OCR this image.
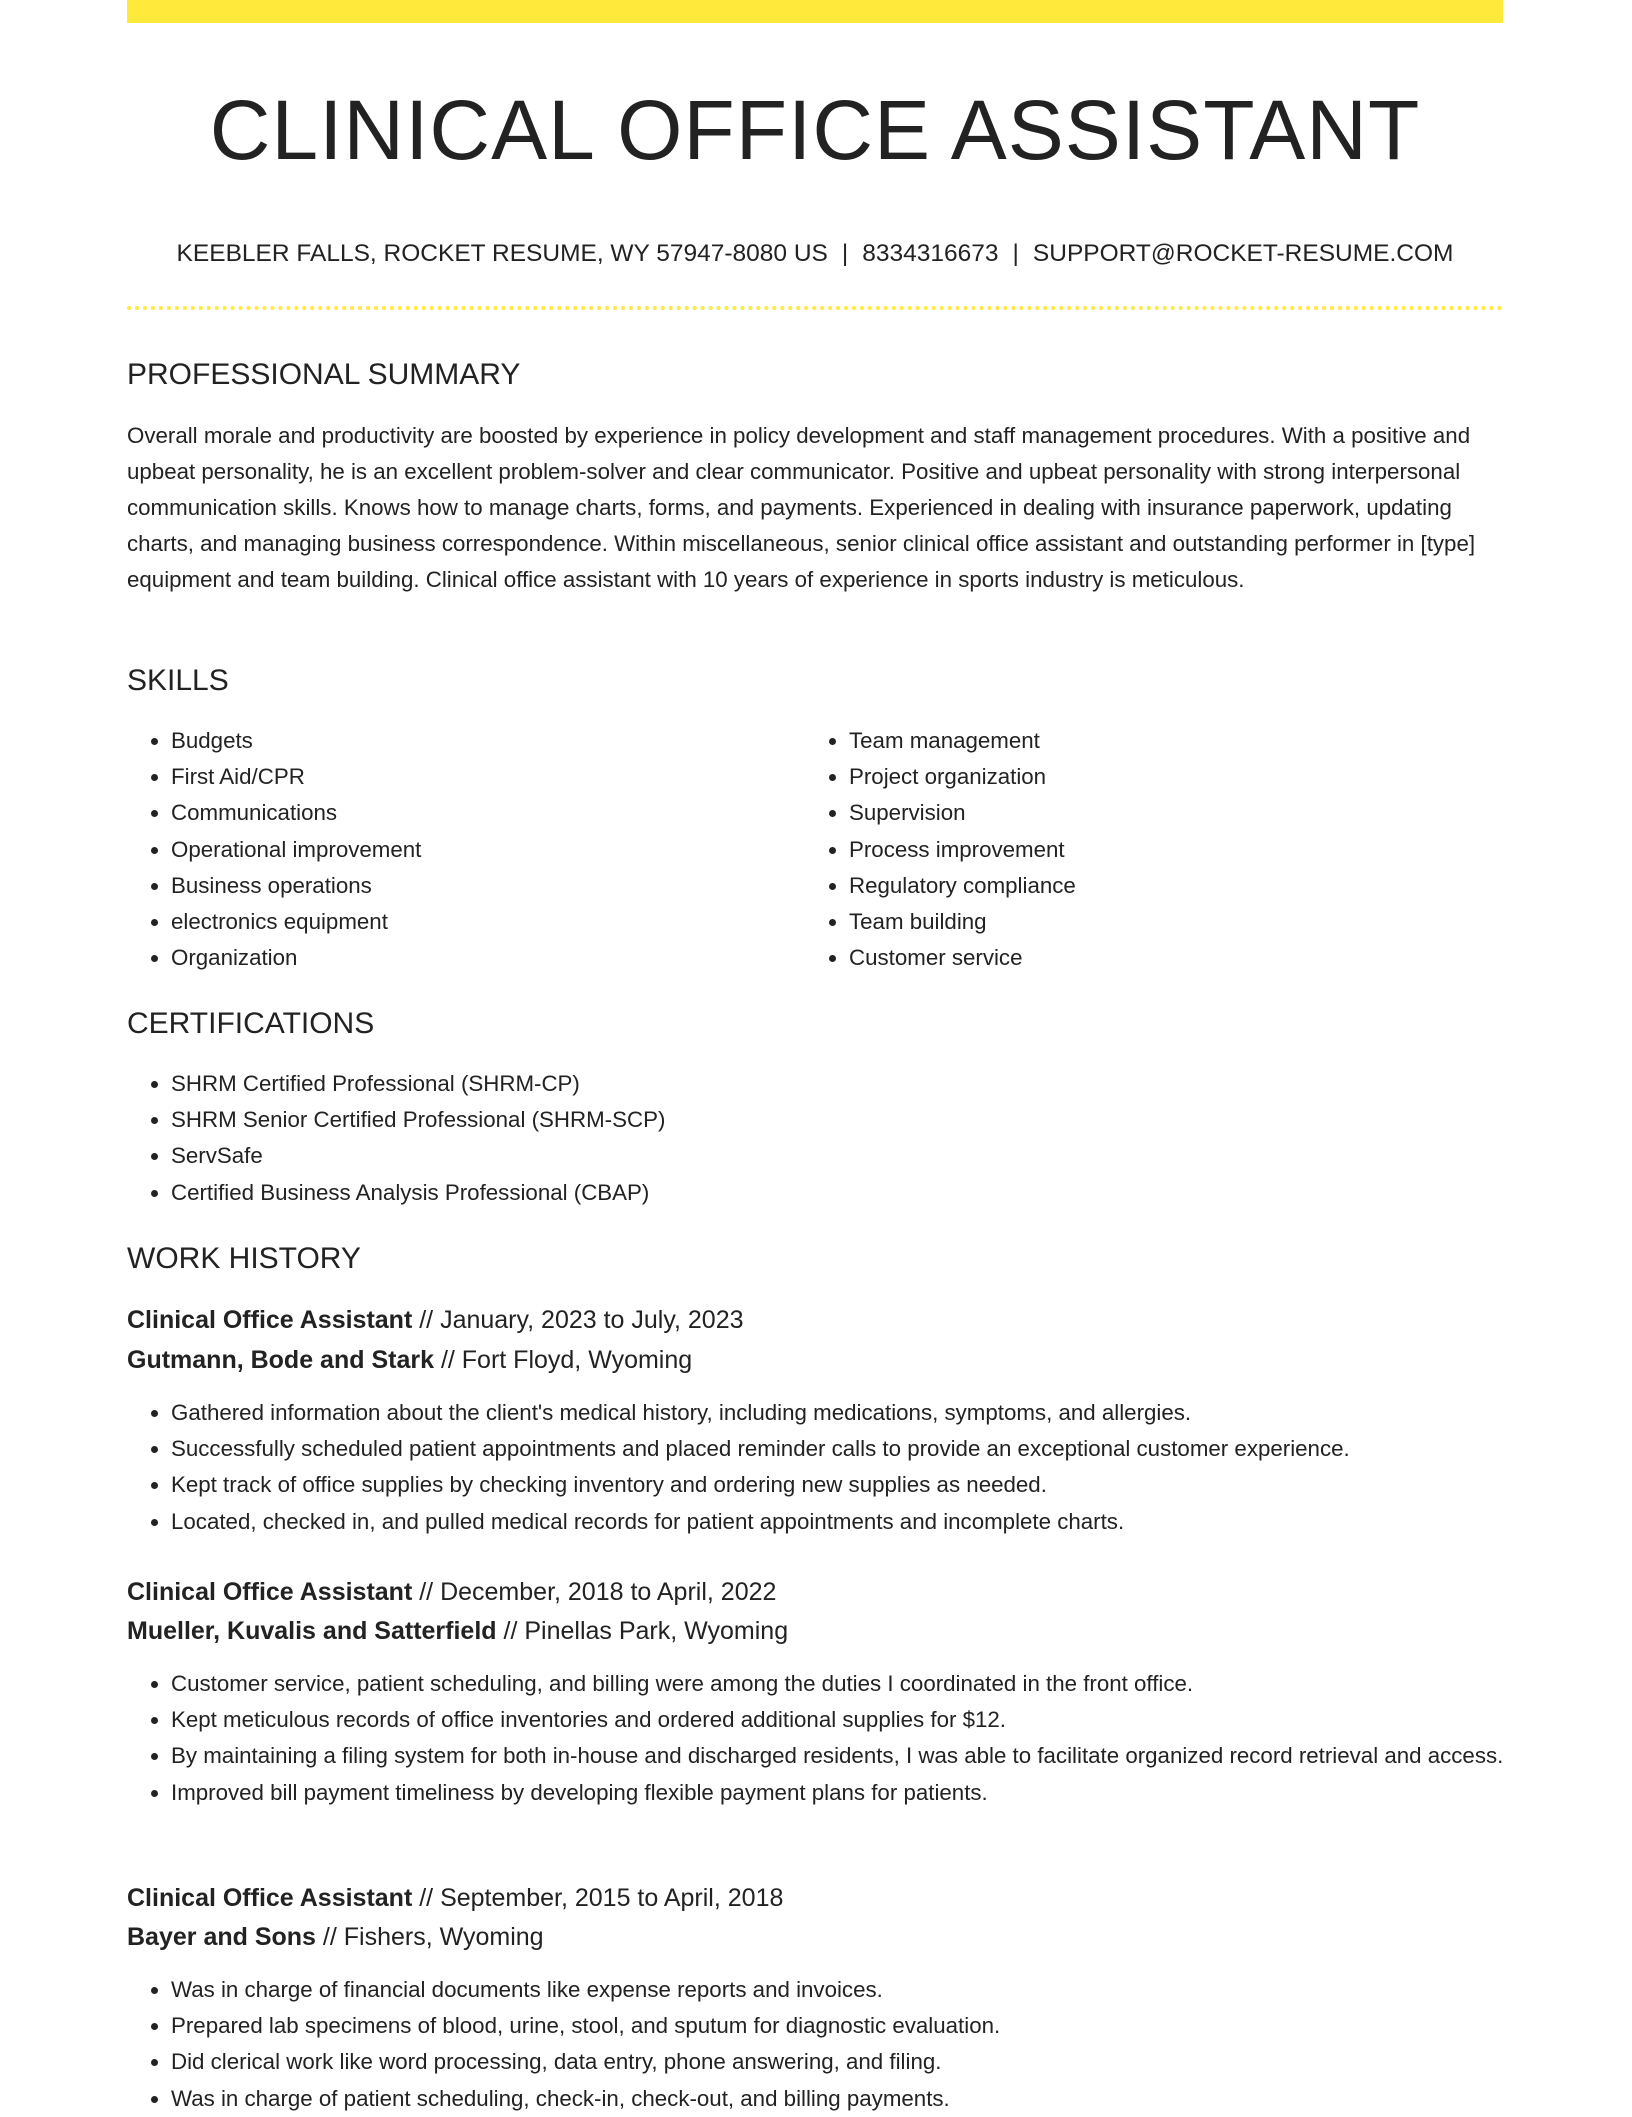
CLINICAL OFFICE ASSISTANT
KEEBLER FALLS, ROCKET RESUME, WY 57947-8080 US | 8334316673 | SUPPORT@ROCKET-RESUME.COM
PROFESSIONAL SUMMARY

Overall morale and productivity are boosted by experience in policy development and staff management procedures. With a positive and upbeat personality, he is an excellent problem-solver and clear communicator. Positive and upbeat personality with strong interpersonal communication skills. Knows how to manage charts, forms, and payments. Experienced in dealing with insurance paperwork, updating charts, and managing business correspondence. Within miscellaneous, senior clinical office assistant and outstanding performer in [type] equipment and team building. Clinical office assistant with 10 years of experience in sports industry is meticulous.

SKILLS
• Budgets
• First Aid/CPR
• Communications
• Operational improvement
• Business operations
• electronics equipment
• Organization
• Team management
• Project organization
• Supervision
• Process improvement
• Regulatory compliance
• Team building
• Customer service
CERTIFICATIONS
• SHRM Certified Professional (SHRM-CP)
• SHRM Senior Certified Professional (SHRM-SCP)
• ServSafe
• Certified Business Analysis Professional (CBAP)
WORK HISTORY
Clinical Office Assistant // January, 2023 to July, 2023
Gutmann, Bode and Stark // Fort Floyd, Wyoming
• Gathered information about the client's medical history, including medications, symptoms, and allergies.
• Successfully scheduled patient appointments and placed reminder calls to provide an exceptional customer experience.
• Kept track of office supplies by checking inventory and ordering new supplies as needed.
• Located, checked in, and pulled medical records for patient appointments and incomplete charts.
Clinical Office Assistant // December, 2018 to April, 2022
Mueller, Kuvalis and Satterfield // Pinellas Park, Wyoming
• Customer service, patient scheduling, and billing were among the duties I coordinated in the front office.
• Kept meticulous records of office inventories and ordered additional supplies for $12.
• By maintaining a filing system for both in-house and discharged residents, I was able to facilitate organized record retrieval and access.
• Improved bill payment timeliness by developing flexible payment plans for patients.
Clinical Office Assistant // September, 2015 to April, 2018
Bayer and Sons // Fishers, Wyoming
• Was in charge of financial documents like expense reports and invoices.
• Prepared lab specimens of blood, urine, stool, and sputum for diagnostic evaluation.
• Did clerical work like word processing, data entry, phone answering, and filing.
• Was in charge of patient scheduling, check-in, check-out, and billing payments.
